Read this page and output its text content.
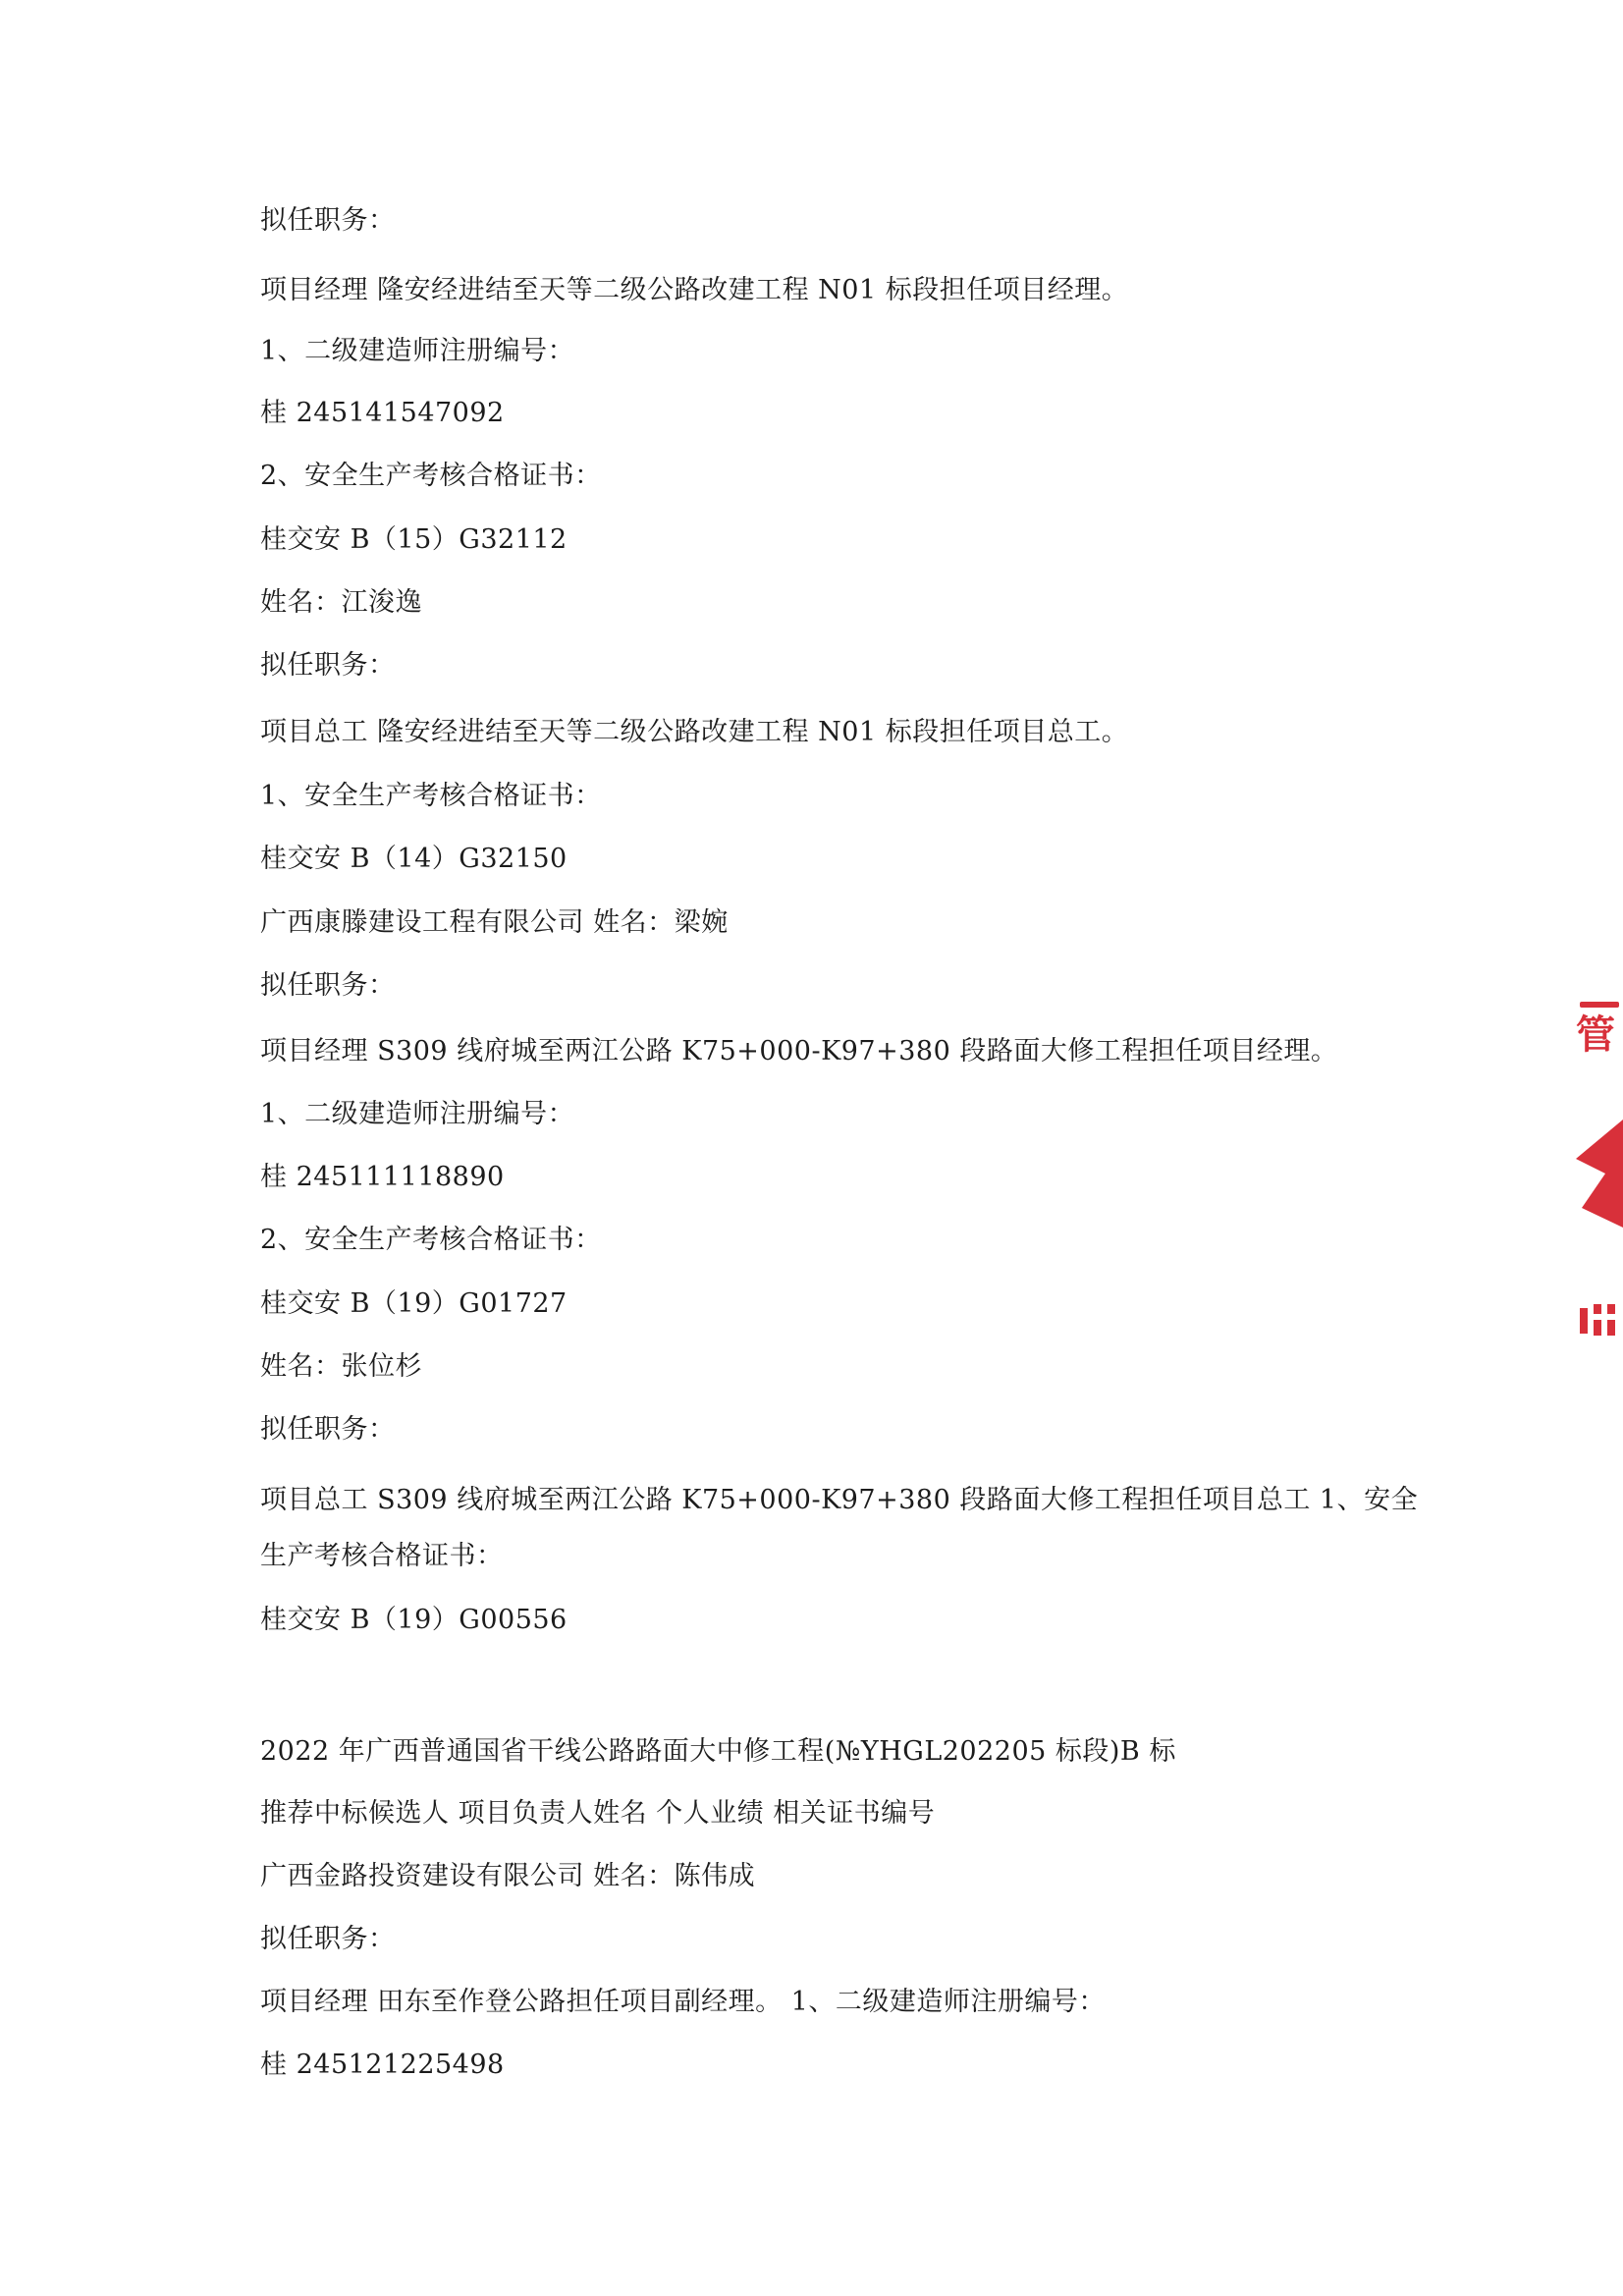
拟任职务：
项目经理 隆安经进结至天等二级公路改建工程 N01 标段担任项目经理。
1、二级建造师注册编号：
桂 245141547092
2、安全生产考核合格证书：
桂交安 B（15）G32112
姓名：江浚逸
拟任职务：
项目总工 隆安经进结至天等二级公路改建工程 N01 标段担任项目总工。
1、安全生产考核合格证书：
桂交安 B（14）G32150
广西康滕建设工程有限公司 姓名：梁婉
拟任职务：
项目经理 S309 线府城至两江公路 K75+000-K97+380 段路面大修工程担任项目经理。
1、二级建造师注册编号：
桂 245111118890
2、安全生产考核合格证书：
桂交安 B（19）G01727
姓名：张位杉
拟任职务：
项目总工 S309 线府城至两江公路 K75+000-K97+380 段路面大修工程担任项目总工 1、安全
生产考核合格证书：
桂交安 B（19）G00556
2022 年广西普通国省干线公路路面大中修工程(№YHGL202205 标段)B 标
推荐中标候选人 项目负责人姓名 个人业绩 相关证书编号
广西金路投资建设有限公司 姓名：陈伟成
拟任职务：
项目经理 田东至作登公路担任项目副经理。 1、二级建造师注册编号：
桂 245121225498
管
